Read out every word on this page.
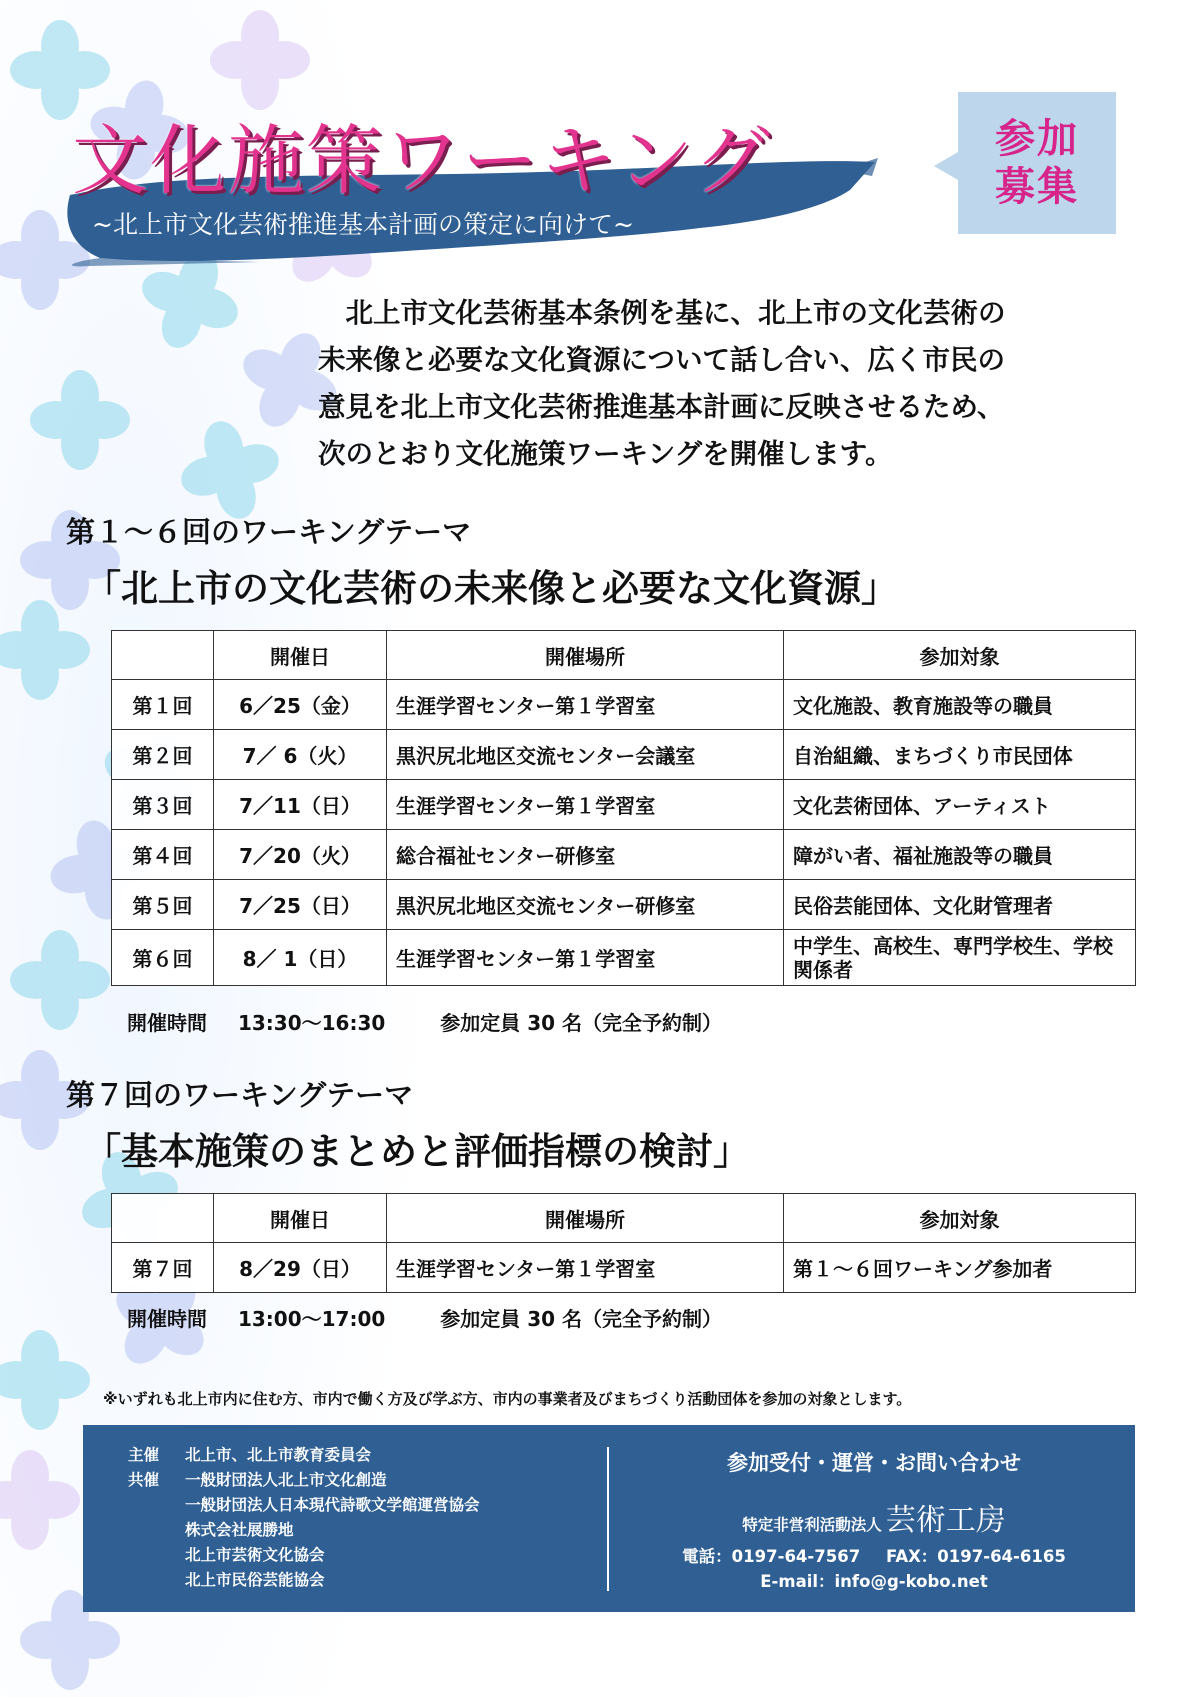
文化施策ワーキング

~北上市文化芸術推進基本計画の策定に向けて~

参加
募集

　北上市文化芸術基本条例を基に、北上市の文化芸術の

未来像と必要な文化資源について話し合い、広く市民の

意見を北上市文化芸術推進基本計画に反映させるため、

次のとおり文化施策ワーキングを開催します。

第１～６回のワーキングテーマ
「北上市の文化芸術の未来像と必要な文化資源」
	開催日	開催場所	参加対象
第１回	6／25（金）	生涯学習センター第１学習室	文化施設、教育施設等の職員
第２回	7／ 6（火）	黒沢尻北地区交流センター会議室	自治組織、まちづくり市民団体
第３回	7／11（日）	生涯学習センター第１学習室	文化芸術団体、アーティスト
第４回	7／20（火）	総合福祉センター研修室	障がい者、福祉施設等の職員
第５回	7／25（日）	黒沢尻北地区交流センター研修室	民俗芸能団体、文化財管理者
第６回	8／ 1（日）	生涯学習センター第１学習室	中学生、高校生、専門学校生、学校関係者

開催時間 13:30～16:30	参加定員 30 名（完全予約制）

第７回のワーキングテーマ
「基本施策のまとめと評価指標の検討」
	開催日	開催場所	参加対象
第７回	8／29（日）	生涯学習センター第１学習室	第１～６回ワーキング参加者

開催時間 13:00～17:00	参加定員 30 名（完全予約制）

※いずれも北上市内に住む方、市内で働く方及び学ぶ方、市内の事業者及びまちづくり活動団体を参加の対象とします。

主催	北上市、北上市教育委員会
共催	一般財団法人北上市文化創造
一般財団法人日本現代詩歌文学館運営協会
株式会社展勝地
北上市芸術文化協会
北上市民俗芸能協会
参加受付・運営・お問い合わせ
特定非営利活動法人 芸術工房
電話：0197-64-7567 FAX：0197-64-6165
E-mail：info@g-kobo.net
